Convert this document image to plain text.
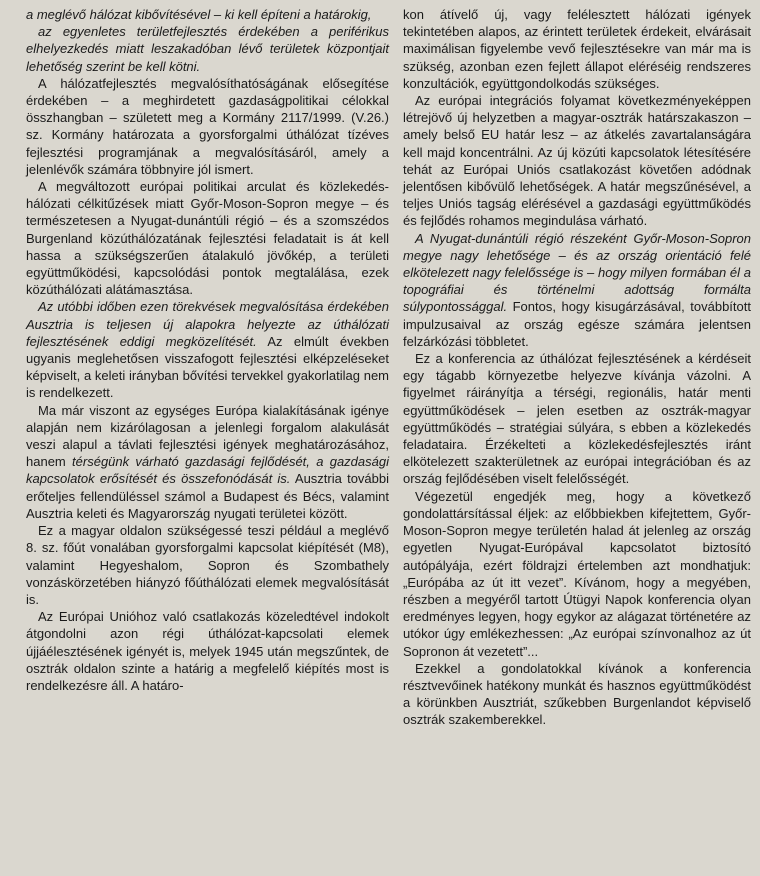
a meglévő hálózat kibővítésével – ki kell építeni a határokig,

az egyenletes területfejlesztés érdekében a periférikus elhelyezkedés miatt leszakadóban lévő területek központjait lehetőség szerint be kell kötni.

A hálózatfejlesztés megvalósíthatóságának elősegítése érdekében – a meghirdetett gazdaságpolitikai célokkal összhangban – született meg a Kormány 2117/1999. (V.26.) sz. Kormány határozata a gyorsforgalmi úthálózat tízéves fejlesztési programjának a megvalósításáról, amely a jelenlévők számára többnyire jól ismert.

A megváltozott európai politikai arculat és közlekedés-hálózati célkitűzések miatt Győr-Moson-Sopron megye – és természetesen a Nyugat-dunántúli régió – és a szomszédos Burgenland közúthálózatának fejlesztési feladatait is át kell hassa a szükségszerűen átalakuló jövőkép, a területi együttműködési, kapcsolódási pontok megtalálása, ezek közúthálózati alátámasztása.

Az utóbbi időben ezen törekvések megvalósítása érdekében Ausztria is teljesen új alapokra helyezte az úthálózati fejlesztésének eddigi megközelítését. Az elmúlt években ugyanis meglehetősen visszafogott fejlesztési elképzeléseket képviselt, a keleti irányban bővítési tervekkel gyakorlatilag nem is rendelkezett.

Ma már viszont az egységes Európa kialakításának igénye alapján nem kizárólagosan a jelenlegi forgalom alakulását veszi alapul a távlati fejlesztési igények meghatározásához, hanem térségünk várható gazdasági fejlődését, a gazdasági kapcsolatok erősítését és összefonódását is. Ausztria további erőteljes fellendüléssel számol a Budapest és Bécs, valamint Ausztria keleti és Magyarország nyugati területei között.

Ez a magyar oldalon szükségessé teszi például a meglévő 8. sz. főút vonalában gyorsforgalmi kapcsolat kiépítését (M8), valamint Hegyeshalom, Sopron és Szombathely vonzáskörzetében hiányzó főúthálózati elemek megvalósítását is.

Az Európai Unióhoz való csatlakozás közeledtével indokolt átgondolni azon régi úthálózat-kapcsolati elemek újjáélesztésének igényét is, melyek 1945 után megszűntek, de osztrák oldalon szinte a határig a megfelelő kiépítés most is rendelkezésre áll. A határo-

kon átívelő új, vagy felélesztett hálózati igények tekintetében alapos, az érintett területek érdekeit, elvárásait maximálisan figyelembe vevő fejlesztésekre van már ma is szükség, azonban ezen fejlett állapot eléréséig rendszeres konzultációk, együttgondolkodás szükséges.

Az európai integrációs folyamat következményeképpen létrejövő új helyzetben a magyar-osztrák határszakaszon – amely belső EU határ lesz – az átkelés zavartalanságára kell majd koncentrálni. Az új közúti kapcsolatok létesítésére tehát az Európai Uniós csatlakozást követően adódnak jelentősen kibővülő lehetőségek. A határ megszűnésével, a teljes Uniós tagság elérésével a gazdasági együttműködés és fejlődés rohamos megindulása várható.

A Nyugat-dunántúli régió részeként Győr-Moson-Sopron megye nagy lehetősége – és az ország orientáció felé elkötelezett nagy felelőssége is – hogy milyen formában él a topográfiai és történelmi adottság formálta súlypontossággal. Fontos, hogy kisugárzásával, továbbított impulzusaival az ország egésze számára jelentsen felzárkózási többletet.

Ez a konferencia az úthálózat fejlesztésének a kérdéseit egy tágabb környezetbe helyezve kívánja vázolni. A figyelmet ráirányítja a térségi, regionális, határ menti együttműködések – jelen esetben az osztrák-magyar együttműködés – stratégiai súlyára, s ebben a közlekedés feladataira. Érzékelteti a közlekedésfejlesztés iránt elkötelezett szakterületnek az európai integrációban és az ország fejlődésében viselt felelősségét.

Végezetül engedjék meg, hogy a következő gondolattársítással éljek: az előbbiekben kifejtettem, Győr-Moson-Sopron megye területén halad át jelenleg az ország egyetlen Nyugat-Európával kapcsolatot biztosító autópályája, ezért földrajzi értelemben azt mondhatjuk: „Európába az út itt vezet”. Kívánom, hogy a megyében, részben a megyéről tartott Útügyi Napok konferencia olyan eredményes legyen, hogy egykor az alágazat történetére az utókor úgy emlékezhessen: „Az európai színvonalhoz az út Sopronon át vezetett”...

Ezekkel a gondolatokkal kívánok a konferencia résztvevőinek hatékony munkát és hasznos együttműködést a körünkben Ausztriát, szűkebben Burgenlandot képviselő osztrák szakemberekkel.
